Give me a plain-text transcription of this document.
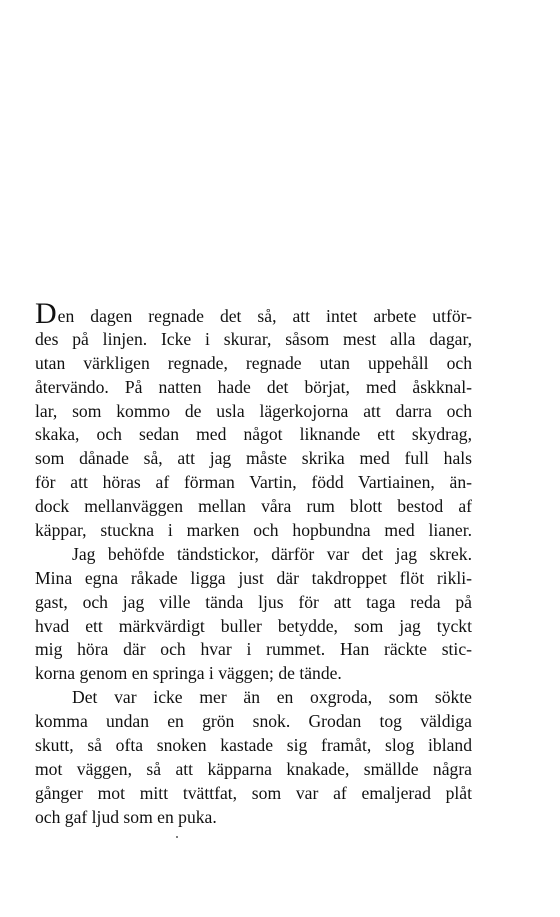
Den dagen regnade det så, att intet arbete utför-
des på linjen. Icke i skurar, såsom mest alla dagar,
utan värkligen regnade, regnade utan uppehåll och
återvändo. På natten hade det börjat, med åskknal-
lar, som kommo de usla lägerkojorna att darra och
skaka, och sedan med något liknande ett skydrag,
som dånade så, att jag måste skrika med full hals
för att höras af förman Vartin, född Vartiainen, än-
dock mellanväggen mellan våra rum blott bestod af
käppar, stuckna i marken och hopbundna med lianer.
Jag behöfde tändstickor, därför var det jag skrek.
Mina egna råkade ligga just där takdroppet flöt rikli-
gast, och jag ville tända ljus för att taga reda på
hvad ett märkvärdigt buller betydde, som jag tyckt
mig höra där och hvar i rummet. Han räckte stic-
korna genom en springa i väggen; de tände.
Det var icke mer än en oxgroda, som sökte
komma undan en grön snok. Grodan tog väldiga
skutt, så ofta snoken kastade sig framåt, slog ibland
mot väggen, så att käpparna knakade, smällde några
gånger mot mitt tvättfat, som var af emaljerad plåt
och gaf ljud som en puka.
